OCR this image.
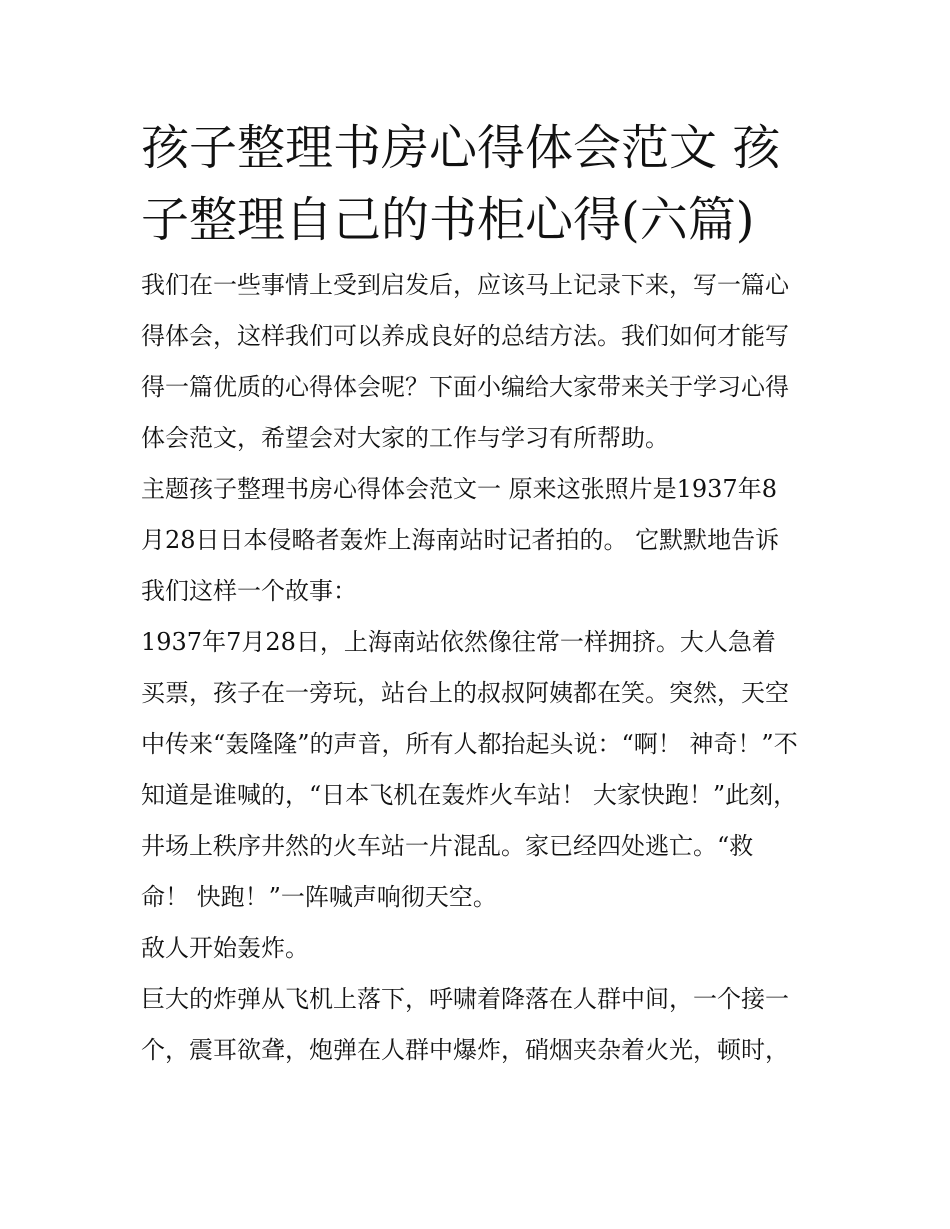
孩子整理书房心得体会范文 孩
子整理自己的书柜心得(六篇)
我们在一些事情上受到启发后，应该马上记录下来，写一篇心
得体会，这样我们可以养成良好的总结方法。我们如何才能写
得一篇优质的心得体会呢？下面小编给大家带来关于学习心得
体会范文，希望会对大家的工作与学习有所帮助。
主题孩子整理书房心得体会范文一 原来这张照片是1937年8
月28日日本侵略者轰炸上海南站时记者拍的。 它默默地告诉
我们这样一个故事：
1937年7月28日，上海南站依然像往常一样拥挤。大人急着
买票，孩子在一旁玩，站台上的叔叔阿姨都在笑。突然，天空
中传来“轰隆隆”的声音，所有人都抬起头说：“啊！ 神奇！”不
知道是谁喊的，“日本飞机在轰炸火车站！ 大家快跑！”此刻，
井场上秩序井然的火车站一片混乱。家已经四处逃亡。“救
命！ 快跑！”一阵喊声响彻天空。
敌人开始轰炸。
巨大的炸弹从飞机上落下，呼啸着降落在人群中间，一个接一
个，震耳欲聋，炮弹在人群中爆炸，硝烟夹杂着火光，顿时，
